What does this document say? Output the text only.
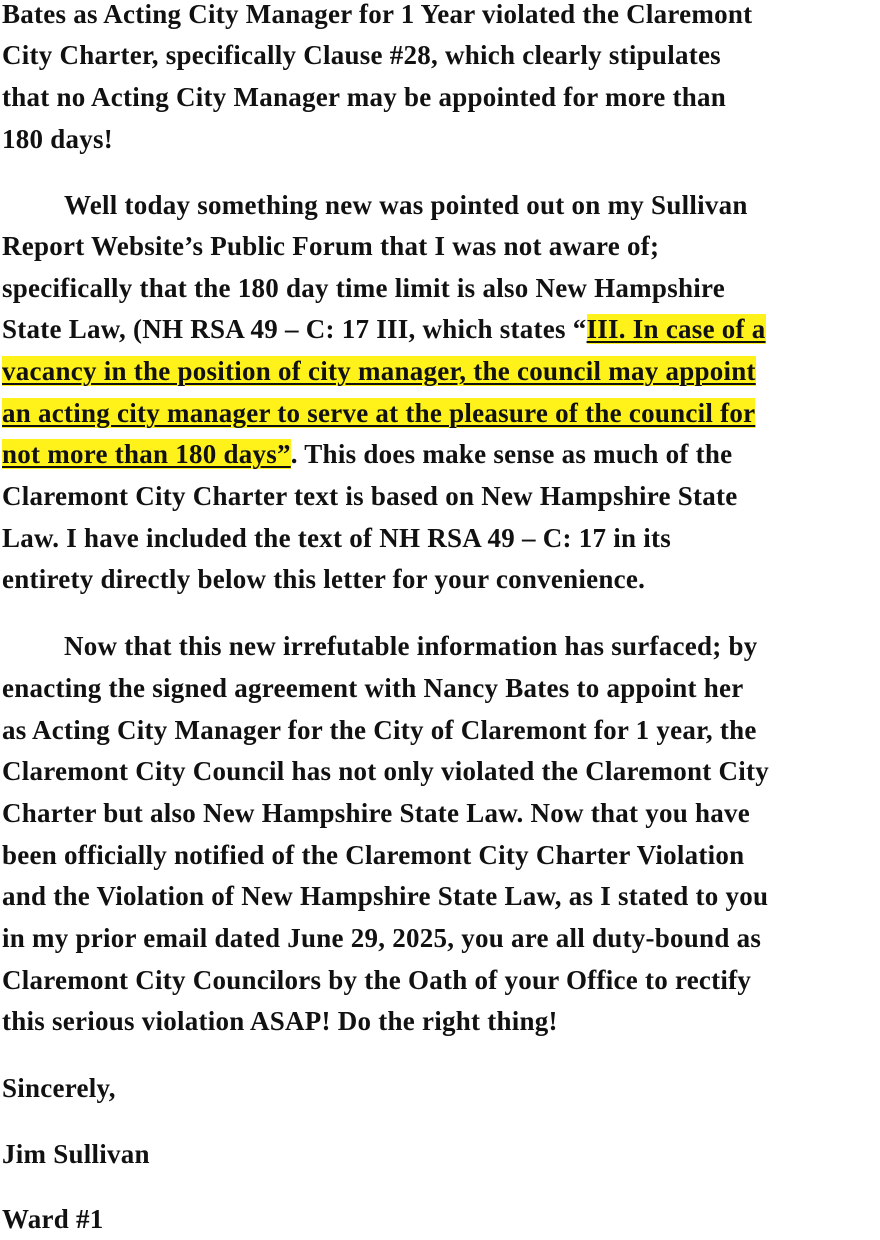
Bates as Acting City Manager for 1 Year violated the Claremont
City Charter, specifically Clause #28, which clearly stipulates
that no Acting City Manager may be appointed for more than
180 days!
Well today something new was pointed out on my Sullivan
Report Website’s Public Forum that I was not aware of;
specifically that the 180 day time limit is also New Hampshire
State Law, (NH RSA 49 – C: 17 III, which states “III. In case of a
vacancy in the position of city manager, the council may appoint
an acting city manager to serve at the pleasure of the council for
not more than 180 days”. This does make sense as much of the
Claremont City Charter text is based on New Hampshire State
Law. I have included the text of NH RSA 49 – C: 17 in its
entirety directly below this letter for your convenience.
Now that this new irrefutable information has surfaced; by
enacting the signed agreement with Nancy Bates to appoint her
as Acting City Manager for the City of Claremont for 1 year, the
Claremont City Council has not only violated the Claremont City
Charter but also New Hampshire State Law. Now that you have
been officially notified of the Claremont City Charter Violation
and the Violation of New Hampshire State Law, as I stated to you
in my prior email dated June 29, 2025, you are all duty-bound as
Claremont City Councilors by the Oath of your Office to rectify
this serious violation ASAP! Do the right thing!
Sincerely,
Jim Sullivan
Ward #1
